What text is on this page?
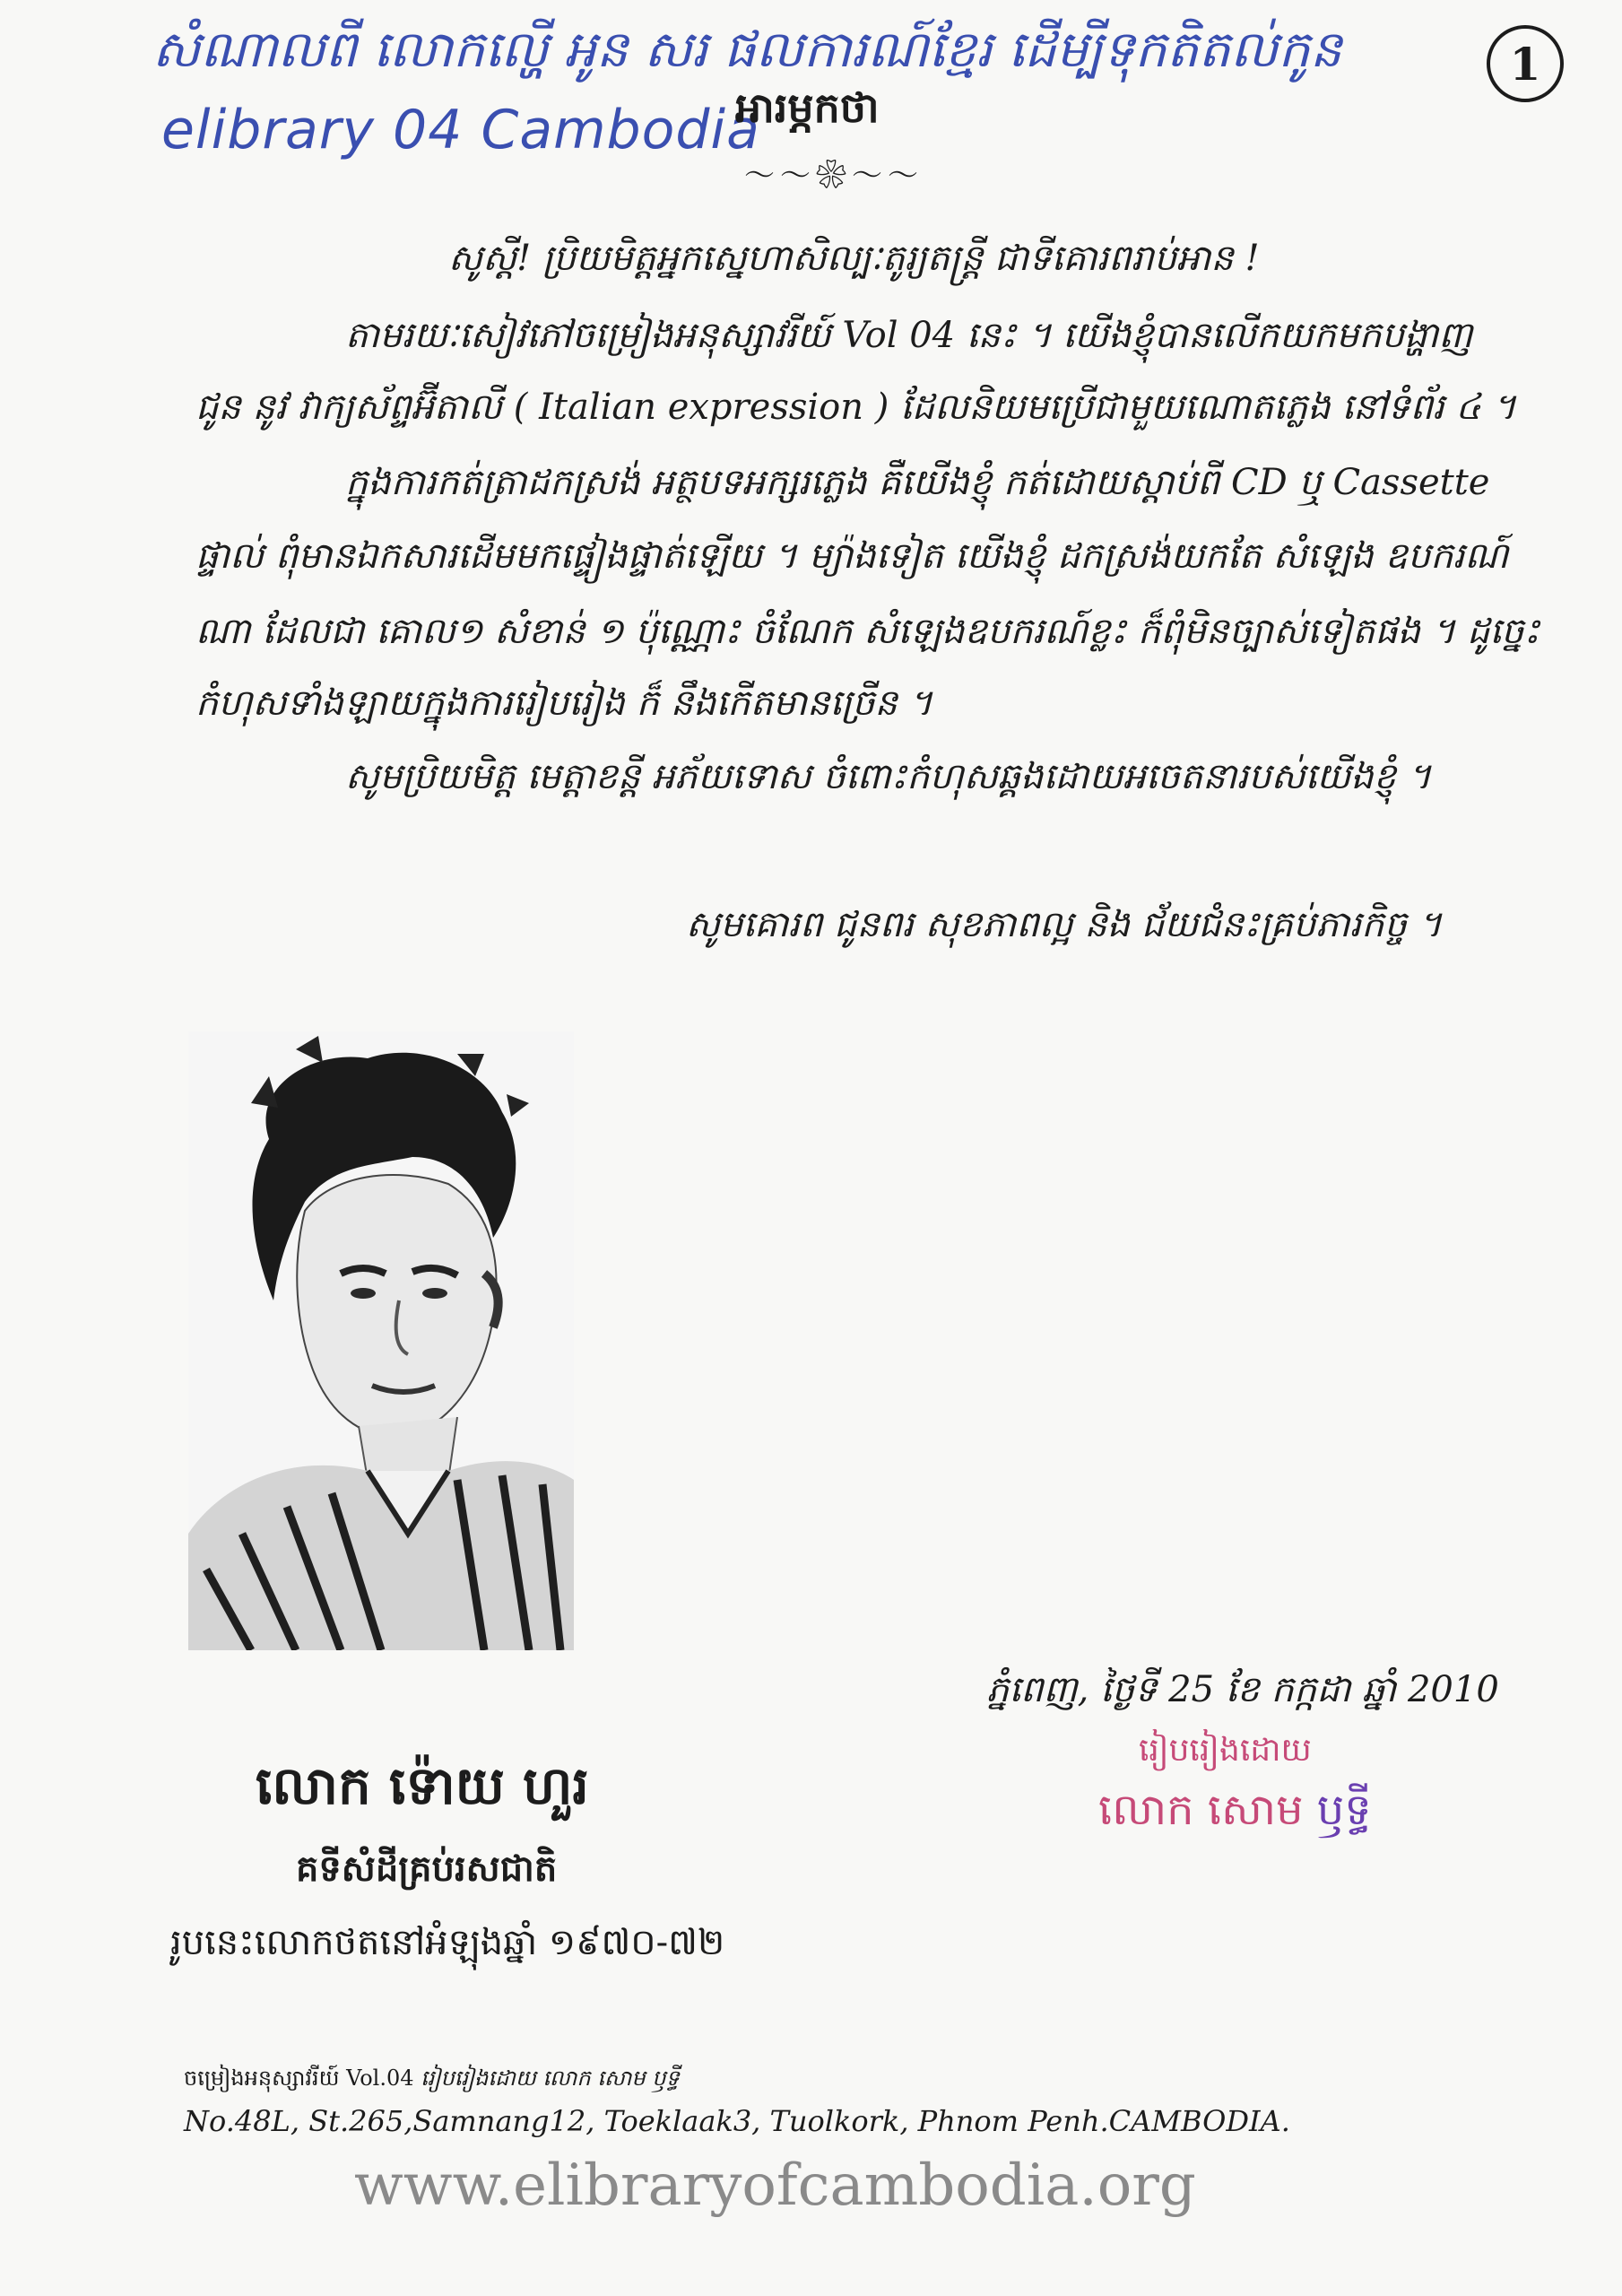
សំណាលពី លោកល្ហើ អូន សរ ផលការណ៍ខ្មែរ ដើម្បីទុកតិតល់កូន
elibrary 04 Cambodia
1
អារម្ភកថា
～～❀～～
សូស្តី! ប្រិយមិត្តអ្នកស្នេហាសិល្បៈតូរ្យតន្ត្រី ជាទីគោរពរាប់អាន !
តាមរយៈសៀវភៅចម្រៀងអនុស្សាវរីយ៍ Vol 04 នេះ ។ យើងខ្ញុំបានលើកយកមកបង្ហាញ
ជូន នូវ វាក្យស័ព្ទអ៊ីតាលី ( Italian expression ) ដែលនិយមប្រើជាមួយណោតភ្លេង នៅទំព័រ ៤ ។
ក្នុងការកត់ត្រាដកស្រង់ អត្ថបទអក្សរភ្លេង គឺយើងខ្ញុំ កត់ដោយស្តាប់ពី CD ឬ Cassette
ផ្ទាល់ ពុំមានឯកសារដើមមកផ្ទៀងផ្ទាត់ឡើយ ។ ម្យ៉ាងទៀត យើងខ្ញុំ ដកស្រង់យកតែ សំឡេង ឧបករណ៍
ណា ដែលជា គោល១ សំខាន់ ១ ប៉ុណ្ណោះ ចំណែក សំឡេងឧបករណ៍ខ្លះ ក៏ពុំមិនច្បាស់ទៀតផង ។ ដូច្នេះ
កំហុសទាំងឡាយក្នុងការរៀបរៀង ក៏ នឹងកើតមានច្រើន ។
សូមប្រិយមិត្ត មេត្តាខន្តី អភ័យទោស ចំពោះកំហុសឆ្គងដោយអចេតនារបស់យើងខ្ញុំ ។
សូមគោរព ជូនពរ សុខភាពល្អ និង ជ័យជំនះគ្រប់ភារកិច្ច ។
ភ្នំពេញ, ថ្ងៃទី 25 ខែ កក្កដា ឆ្នាំ 2010
រៀបរៀងដោយ
លោក សោម ឫទ្ធី
លោក ទ៉ោយ ហួរ
គទីសំដីគ្រប់រសជាតិ
រូបនេះលោកថតនៅអំឡុងឆ្នាំ ១៩៧០-៧២
ចម្រៀងអនុស្សាវរីយ៍ Vol.04 រៀបរៀងដោយ លោក សោម ឫទ្ធី
No.48L, St.265,Samnang12, Toeklaak3, Tuolkork, Phnom Penh.CAMBODIA.
www.elibraryofcambodia.org
